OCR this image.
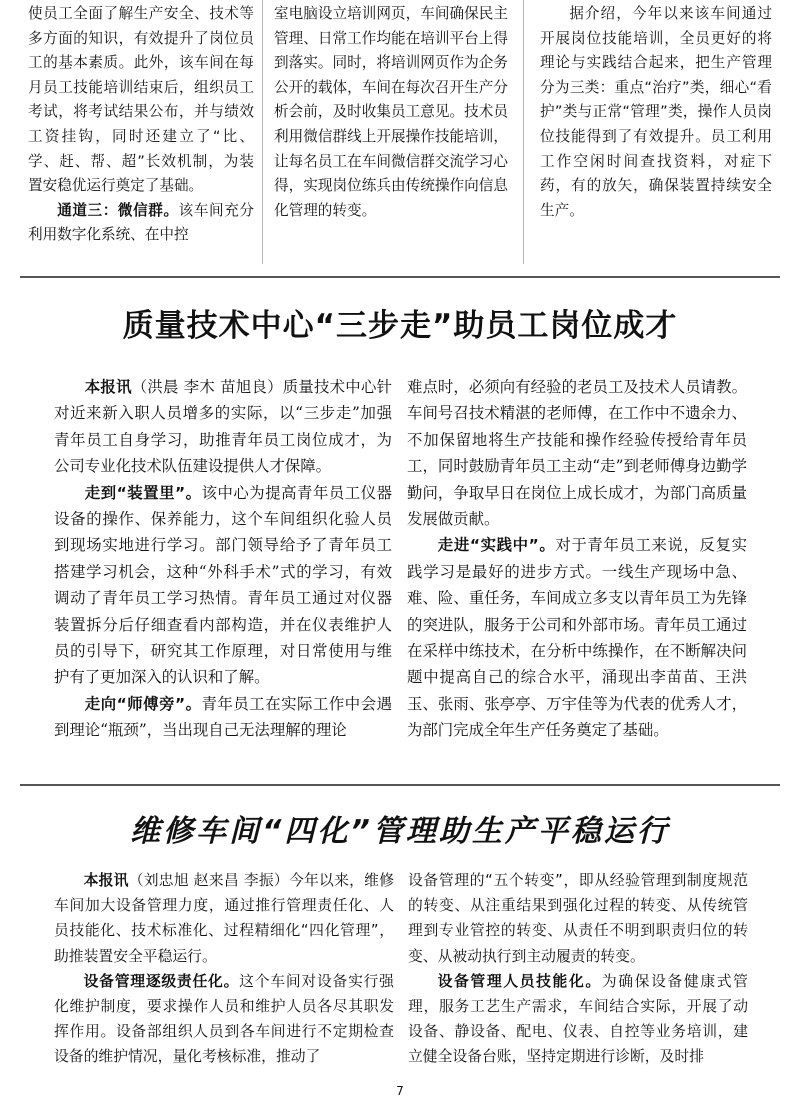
使员工全面了解生产安全、技术等多方面的知识，有效提升了岗位员工的基本素质。此外，该车间在每月员工技能培训结束后，组织员工考试，将考试结果公布，并与绩效工资挂钩，同时还建立了“比、学、赶、帮、超”长效机制，为装置安稳优运行奠定了基础。

通道三：微信群。该车间充分利用数字化系统、在中控

室电脑设立培训网页，车间确保民主管理、日常工作均能在培训平台上得到落实。同时，将培训网页作为企务公开的载体，车间在每次召开生产分析会前，及时收集员工意见。技术员利用微信群线上开展操作技能培训，让每名员工在车间微信群交流学习心得，实现岗位练兵由传统操作向信息化管理的转变。

据介绍，今年以来该车间通过开展岗位技能培训，全员更好的将理论与实践结合起来，把生产管理分为三类：重点“治疗”类，细心“看护”类与正常“管理”类，操作人员岗位技能得到了有效提升。员工利用工作空闲时间查找资料，对症下药，有的放矢，确保装置持续安全生产。

质量技术中心“三步走”助员工岗位成才

本报讯（洪晨 李木 苗旭良）质量技术中心针对近来新入职人员增多的实际，以“三步走”加强青年员工自身学习，助推青年员工岗位成才，为公司专业化技术队伍建设提供人才保障。

走到“装置里”。该中心为提高青年员工仪器设备的操作、保养能力，这个车间组织化验人员到现场实地进行学习。部门领导给予了青年员工搭建学习机会，这种“外科手术”式的学习，有效调动了青年员工学习热情。青年员工通过对仪器装置拆分后仔细查看内部构造，并在仪表维护人员的引导下，研究其工作原理，对日常使用与维护有了更加深入的认识和了解。

走向“师傅旁”。青年员工在实际工作中会遇到理论“瓶颈”，当出现自己无法理解的理论

难点时，必须向有经验的老员工及技术人员请教。车间号召技术精湛的老师傅，在工作中不遗余力、不加保留地将生产技能和操作经验传授给青年员工，同时鼓励青年员工主动“走”到老师傅身边勤学勤问，争取早日在岗位上成长成才，为部门高质量发展做贡献。

走进“实践中”。对于青年员工来说，反复实践学习是最好的进步方式。一线生产现场中急、难、险、重任务，车间成立多支以青年员工为先锋的突进队，服务于公司和外部市场。青年员工通过在采样中练技术，在分析中练操作，在不断解决问题中提高自己的综合水平，涌现出李苗苗、王洪玉、张雨、张亭亭、万宇佳等为代表的优秀人才，为部门完成全年生产任务奠定了基础。

维修车间“四化”管理助生产平稳运行

本报讯（刘忠旭 赵来昌 李振）今年以来，维修车间加大设备管理力度，通过推行管理责任化、人员技能化、技术标准化、过程精细化“四化管理”，助推装置安全平稳运行。

设备管理逐级责任化。这个车间对设备实行强化维护制度，要求操作人员和维护人员各尽其职发挥作用。设备部组织人员到各车间进行不定期检查设备的维护情况，量化考核标准，推动了

设备管理的“五个转变”，即从经验管理到制度规范的转变、从注重结果到强化过程的转变、从传统管理到专业管控的转变、从责任不明到职责归位的转变、从被动执行到主动履责的转变。

设备管理人员技能化。为确保设备健康式管理，服务工艺生产需求，车间结合实际，开展了动设备、静设备、配电、仪表、自控等业务培训，建立健全设备台账，坚持定期进行诊断，及时排

7
